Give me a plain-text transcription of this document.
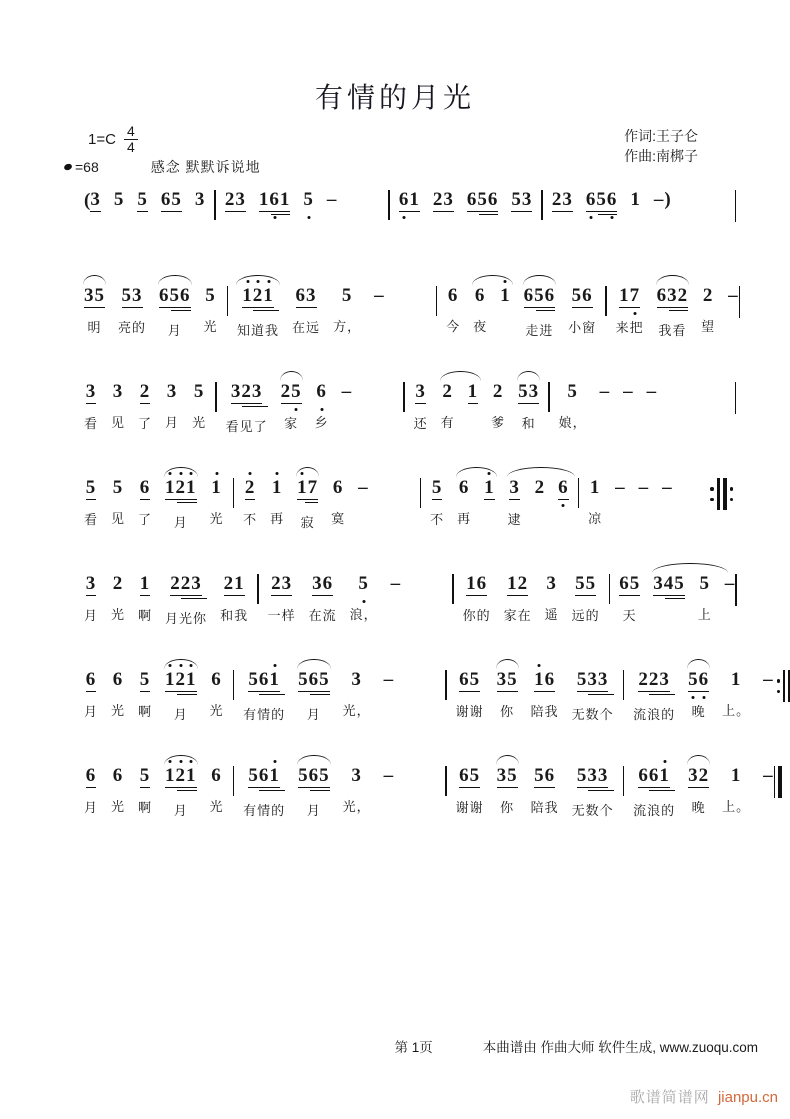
有情的月光
1=C 4
4
=68	感念 默默诉说地
作词:王子仑
作曲:南梆子
( 3 5 5 6 5 3 2 3 1 6 1 5 –	6 1 2 3 6 5 6 5 3 2 3 6 5 6 1 – )
3 5
明
5 3
亮的
6 5 6
月
5
光
1 2 1
知道我
6 3
在远
5
方，
–	6
今
6
夜
1 6 5 6
走进
5 6
小窗
1 7
来把
6 3 2
我看
2
望
–
3
看
3
见
2
了
3
月
5
光
3 2 3
看见了
2 5
家
6
乡
–	3
还
2
有
1 2
爹
5 3
和
5
娘，
– – –
5
看
5
见
6
了
1 2 1
月
1
光
2
不
1
再
1 7
寂
6
寞
–	5
不
6
再
1 3
逮
2 6 1
凉
– – –
3
月
2
光
1
啊
2 2 3
月光你
2 1
和我
2 3
一样
3 6
在流
5
浪，
–	1 6
你的
1 2
家在
3
遥
5 5
远的
6 5
天
3 4 5 5
上
–
6
月
6
光
5
啊
1 2 1
月
6
光
5 6 1
有情的
5 6 5
月
3
光，
–	6 5
谢谢
3 5
你
1 6
陪我
5 3 3
无数个
2 2 3
流浪的
5 6
晚
1
上。
–
6
月
6
光
5
啊
1 2 1
月
6
光
5 6 1
有情的
5 6 5
月
3
光，
–	6 5
谢谢
3 5
你
5 6
陪我
5 3 3
无数个
6 6 1
流浪的
3 2
晚
1
上。
–
第 1页	本曲谱由 作曲大师 软件生成, www.zuoqu.com
歌谱简谱网 jianpu.cn
